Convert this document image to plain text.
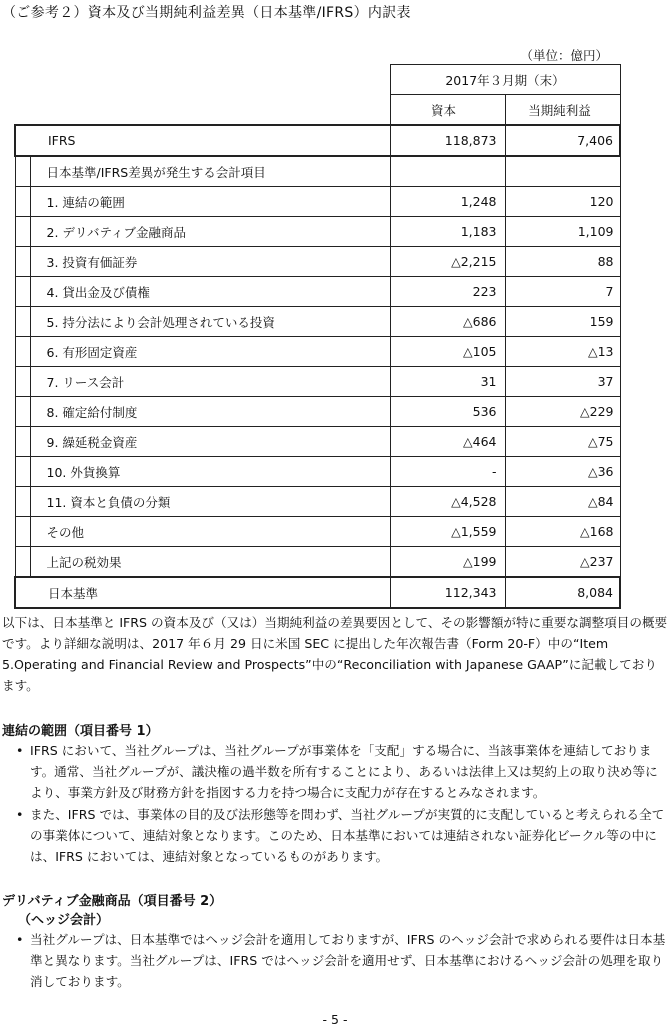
（ご参考２）資本及び当期純利益差異（日本基準/IFRS）内訳表
（単位：億円）
	2017年３月期（末）	
	資本	当期純利益
IFRS	118,873	7,406

日本基準/IFRS差異が発生する会計項目		

1. 連結の範囲	1,248	120

2. デリバティブ金融商品	1,183	1,109

3. 投資有価証券	△2,215	88

4. 貸出金及び債権	223	7

5. 持分法により会計処理されている投資	△686	159

6. 有形固定資産	△105	△13

7. リース会計	31	37

8. 確定給付制度	536	△229

9. 繰延税金資産	△464	△75

10. 外貨換算	-	△36

11. 資本と負債の分類	△4,528	△84

その他	△1,559	△168

上記の税効果	△199	△237
日本基準	112,343	8,084
以下は、日本基準と IFRS の資本及び（又は）当期純利益の差異要因として、その影響額が特に重要な調整項目の概要です。より詳細な説明は、2017 年６月 29 日に米国 SEC に提出した年次報告書（Form 20-F）中の“Item 5.Operating and Financial Review and Prospects”中の“Reconciliation with Japanese GAAP”に記載しております。
連結の範囲（項目番号 1）
• IFRS において、当社グループは、当社グループが事業体を「支配」する場合に、当該事業体を連結しております。通常、当社グループが、議決権の過半数を所有することにより、あるいは法律上又は契約上の取り決め等により、事業方針及び財務方針を指図する力を持つ場合に支配力が存在するとみなされます。
• また、IFRS では、事業体の目的及び法形態等を問わず、当社グループが実質的に支配していると考えられる全ての事業体について、連結対象となります。このため、日本基準においては連結されない証券化ビークル等の中には、IFRS においては、連結対象となっているものがあります。
デリバティブ金融商品（項目番号 2）
（ヘッジ会計）
• 当社グループは、日本基準ではヘッジ会計を適用しておりますが、IFRS のヘッジ会計で求められる要件は日本基準と異なります。当社グループは、IFRS ではヘッジ会計を適用せず、日本基準におけるヘッジ会計の処理を取り消しております。
- 5 -
